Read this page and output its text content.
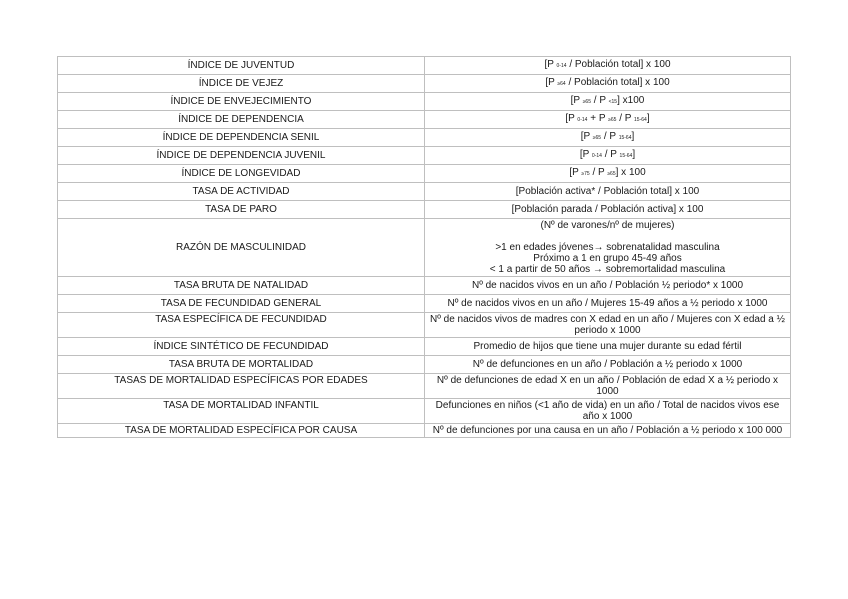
ÍNDICE DE JUVENTUD	[P 0-14 / Población total] x 100
ÍNDICE DE VEJEZ	[P ≥64 / Población total] x 100
ÍNDICE DE ENVEJECIMIENTO	[P ≥65 / P <15] x100
ÍNDICE DE DEPENDENCIA	[P 0-14 + P ≥65 / P 15-64]
ÍNDICE DE DEPENDENCIA SENIL	[P ≥65 / P 15-64]
ÍNDICE DE DEPENDENCIA JUVENIL	[P 0-14 / P 15-64]
ÍNDICE DE LONGEVIDAD	[P ≥75 / P ≥65] x 100
TASA DE ACTIVIDAD	[Población activa* / Población total] x 100
TASA DE PARO	[Población parada / Población activa] x 100
RAZÓN DE MASCULINIDAD	(Nº de varones/nº de mujeres)

>1 en edades jóvenes→ sobrenatalidad masculina
Próximo a 1 en grupo 45-49 años
< 1 a partir de 50 años → sobremortalidad masculina

TASA BRUTA DE NATALIDAD	Nº de nacidos vivos en un año / Población ½ periodo* x 1000
TASA DE FECUNDIDAD GENERAL	Nº de nacidos vivos en un año / Mujeres 15-49 años a ½ periodo x 1000
TASA ESPECÍFICA DE FECUNDIDAD	Nº de nacidos vivos de madres con X edad en un año / Mujeres con X edad a ½ periodo x 1000
ÍNDICE SINTÉTICO DE FECUNDIDAD	Promedio de hijos que tiene una mujer durante su edad fértil
TASA BRUTA DE MORTALIDAD	Nº de defunciones en un año / Población a ½ periodo x 1000
TASAS DE MORTALIDAD ESPECÍFICAS POR EDADES	Nº de defunciones de edad X en un año / Población de edad X a ½ periodo x 1000
TASA DE MORTALIDAD INFANTIL	Defunciones en niños (<1 año de vida) en un año / Total de nacidos vivos ese año x 1000
TASA DE MORTALIDAD ESPECÍFICA POR CAUSA	Nº de defunciones por una causa en un año / Población a ½ periodo x 100 000
